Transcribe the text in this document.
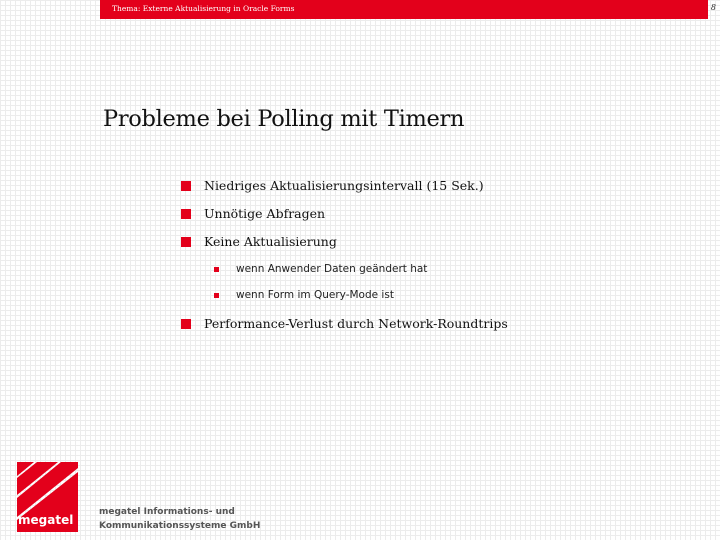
Thema: Externe Aktualisierung in Oracle Forms	8
Probleme bei Polling mit Timern
Niedriges Aktualisierungsintervall (15 Sek.)
Unnötige Abfragen
Keine Aktualisierung
wenn Anwender Daten geändert hat
wenn Form im Query-Mode ist
Performance-Verlust durch Network-Roundtrips
megatel
megatel Informations- und
Kommunikationssysteme GmbH
